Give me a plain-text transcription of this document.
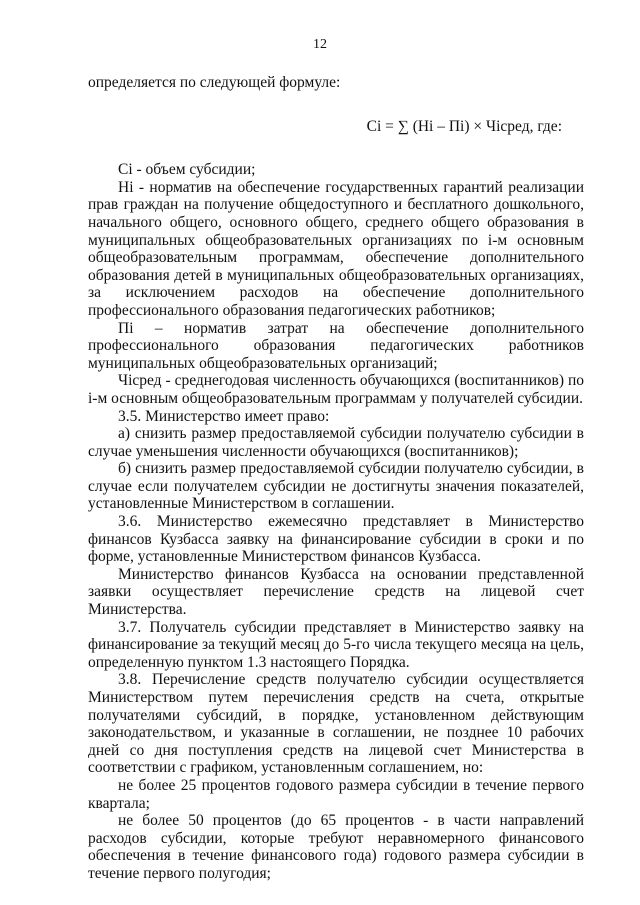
12

определяется по следующей формуле:

Ci = ∑ (Нi – Пi) × Чiсред, где:

Сi - объем субсидии;

Нi - норматив на обеспечение государственных гарантий реализации прав граждан на получение общедоступного и бесплатного дошкольного, начального общего, основного общего, среднего общего образования в муниципальных общеобразовательных организациях по i-м основным общеобразовательным программам, обеспечение дополнительного образования детей в муниципальных общеобразовательных организациях, за исключением расходов на обеспечение дополнительного профессионального образования педагогических работников;

Пi – норматив затрат на обеспечение дополнительного профессионального образования педагогических работников муниципальных общеобразовательных организаций;

Чiсред - среднегодовая численность обучающихся (воспитанников) по i-м основным общеобразовательным программам у получателей субсидии.

3.5. Министерство имеет право:

а) снизить размер предоставляемой субсидии получателю субсидии в случае уменьшения численности обучающихся (воспитанников);

б) снизить размер предоставляемой субсидии получателю субсидии, в случае если получателем субсидии не достигнуты значения показателей, установленные Министерством в соглашении.

3.6. Министерство ежемесячно представляет в Министерство финансов Кузбасса заявку на финансирование субсидии в сроки и по форме, установленные Министерством финансов Кузбасса.

Министерство финансов Кузбасса на основании представленной заявки осуществляет перечисление средств на лицевой счет Министерства.

3.7. Получатель субсидии представляет в Министерство заявку на финансирование за текущий месяц до 5-го числа текущего месяца на цель, определенную пунктом 1.3 настоящего Порядка.

3.8. Перечисление средств получателю субсидии осуществляется Министерством путем перечисления средств на счета, открытые получателями субсидий, в порядке, установленном действующим законодательством, и указанные в соглашении, не позднее 10 рабочих дней со дня поступления средств на лицевой счет Министерства в соответствии с графиком, установленным соглашением, но:

не более 25 процентов годового размера субсидии в течение первого квартала;

не более 50 процентов (до 65 процентов - в части направлений расходов субсидии, которые требуют неравномерного финансового обеспечения в течение финансового года) годового размера субсидии в течение первого полугодия;
